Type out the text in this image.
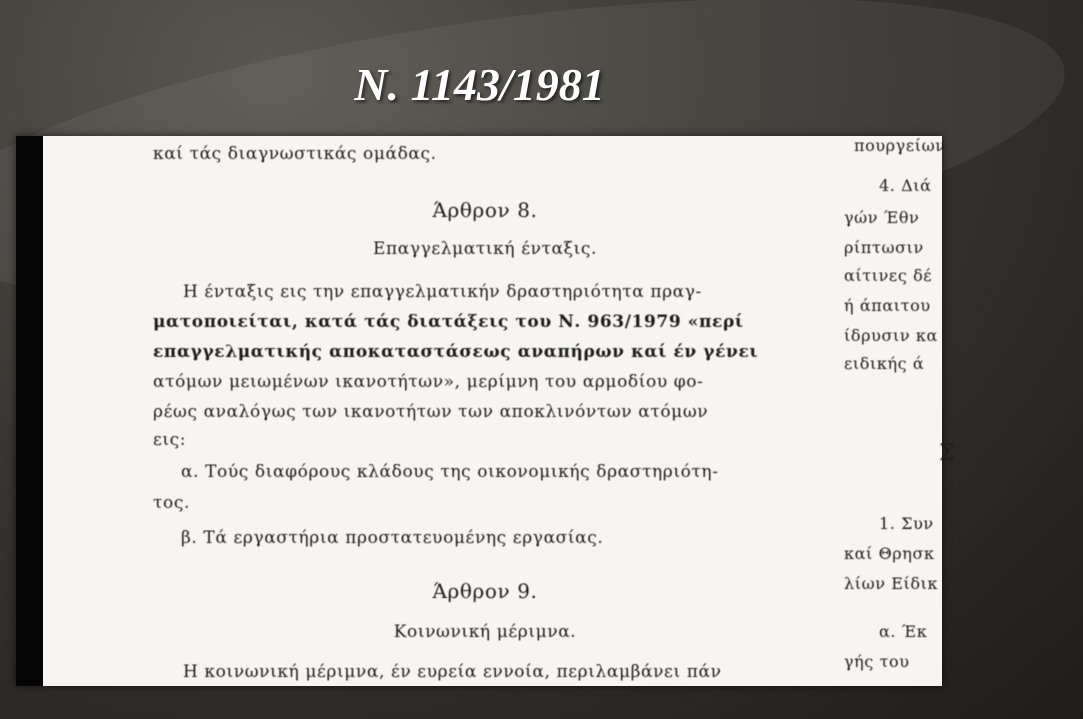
N. 1143/1981
καί τάς διαγνωστικάς ομάδας.
Άρθρον 8.
Επαγγελματική ένταξις.
Η ένταξις εις την επαγγελματικήν δραστηριότητα πραγ-
ματοποιείται, κατά τάς διατάξεις του Ν. 963/1979 «περί
επαγγελματικής αποκαταστάσεως αναπήρων καί έν γένει
ατόμων μειωμένων ικανοτήτων», μερίμνη του αρμοδίου φο-
ρέως αναλόγως των ικανοτήτων των αποκλινόντων ατόμων
εις:
α. Τούς διαφόρους κλάδους της οικονομικής δραστηριότη-
τος.
β. Τά εργαστήρια προστατευομένης εργασίας.
Άρθρον 9.
Κοινωνική μέριμνα.
Η κοινωνική μέριμνα, έν ευρεία εννοία, περιλαμβάνει πάν
πουργείων
4. Διά
γών Έθν
ρίπτωσιν
αίτινες δέ
ή άπαιτου
ίδρυσιν κα
ειδικής ά
Σ
1. Συν
καί Θρησκ
λίων Είδικ
α. Έκ
γής του
